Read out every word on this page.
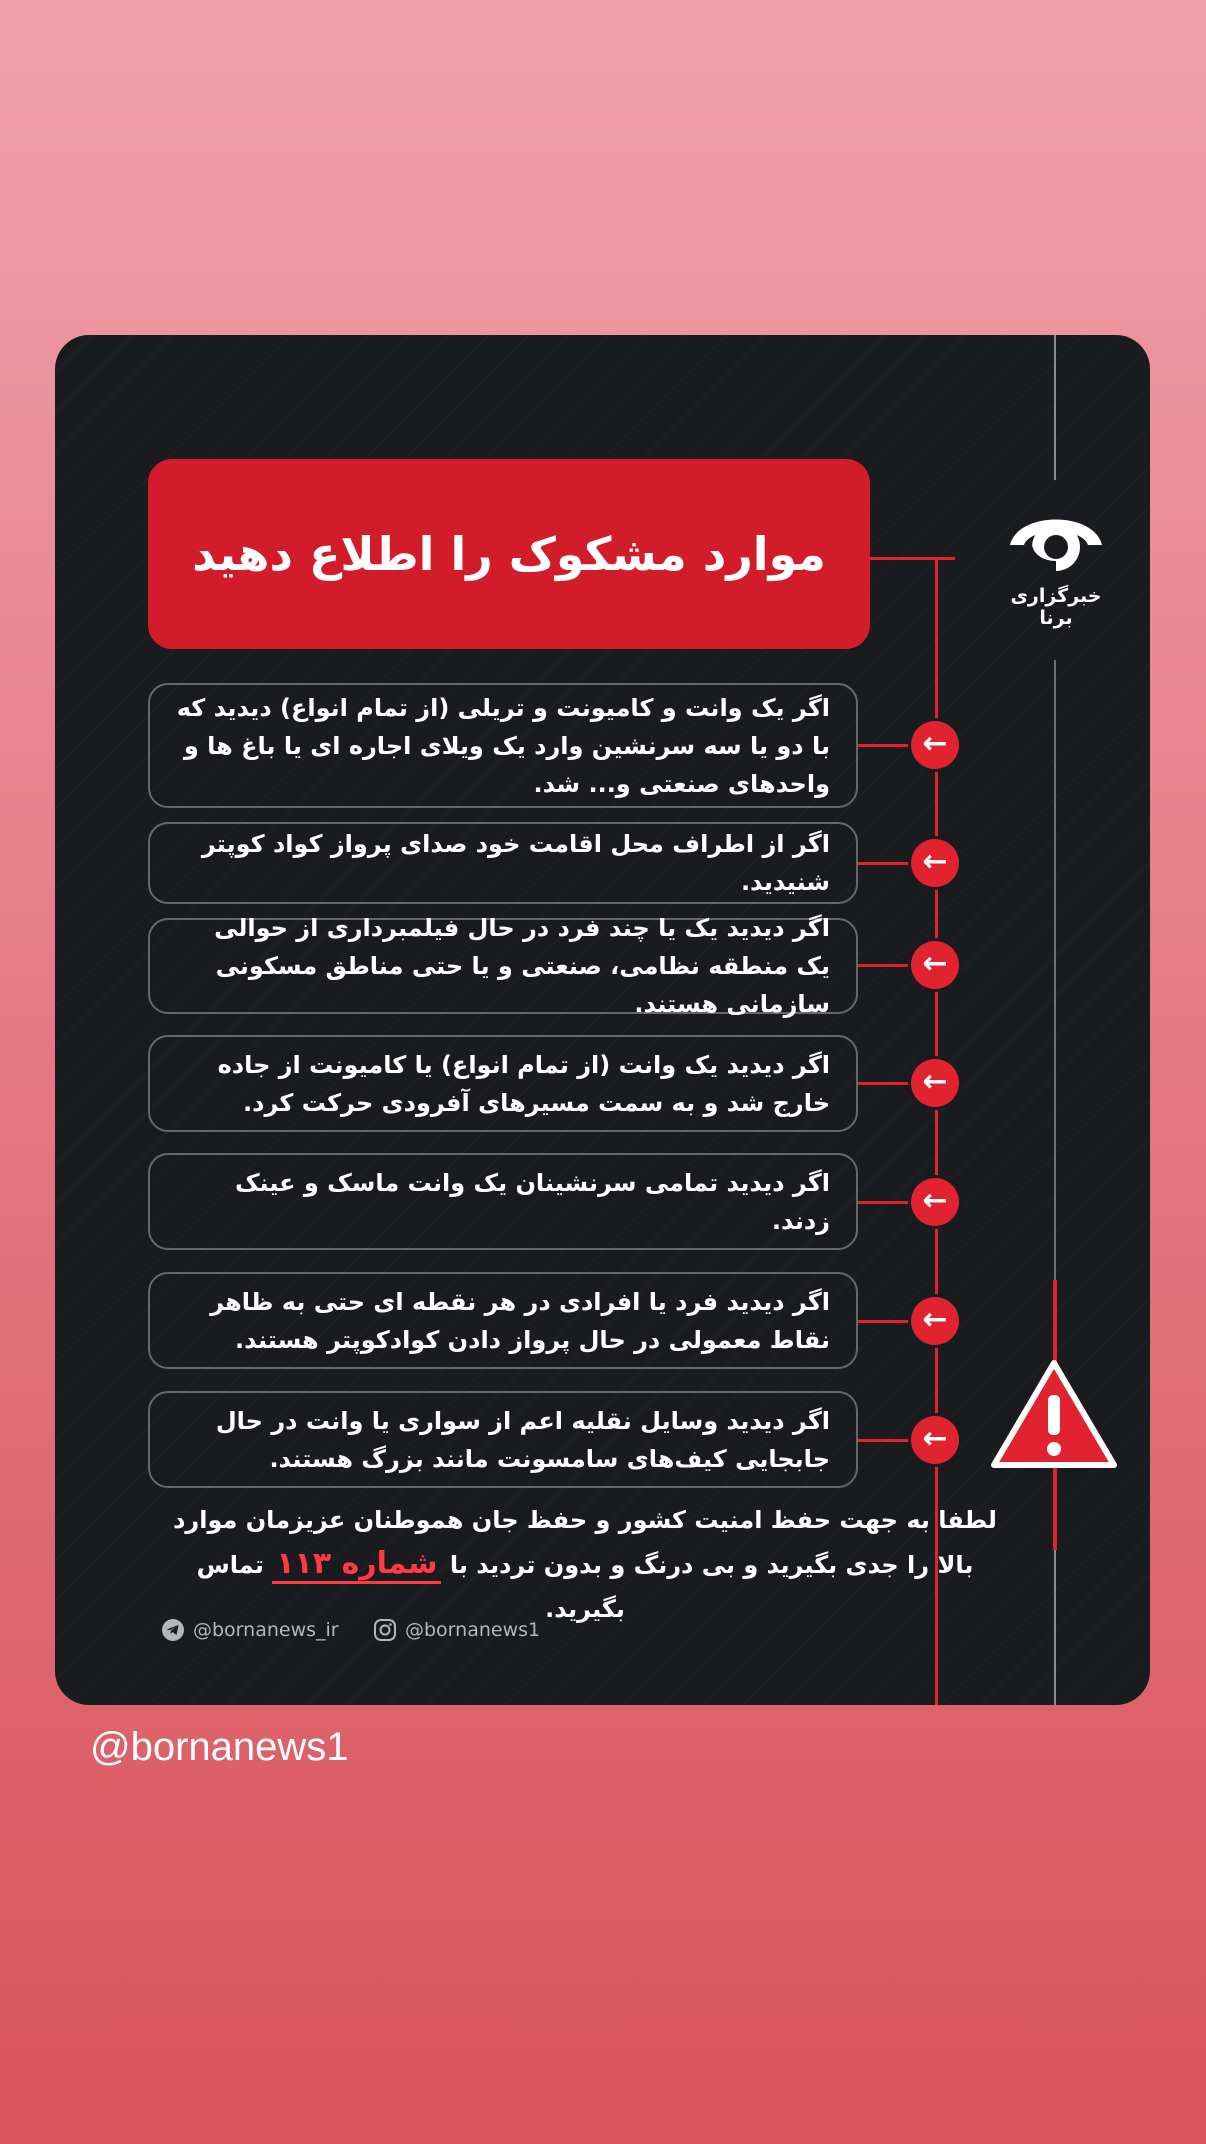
خبرگزاری برنا
موارد مشکوک را اطلاع دهید
اگر یک وانت و کامیونت و تریلی (از تمام انواع) دیدید که با دو یا سه سرنشین وارد یک ویلای اجاره ای یا باغ ها و واحدهای صنعتی و... شد.
←
اگر از اطراف محل اقامت خود صدای پرواز کواد کوپتر شنیدید.
←
اگر دیدید یک یا چند فرد در حال فیلمبرداری از حوالی یک منطقه نظامی، صنعتی و یا حتی مناطق مسکونی سازمانی هستند.
←
اگر دیدید یک وانت (از تمام انواع) یا کامیونت از جاده خارج شد و به سمت مسیرهای آفرودی حرکت کرد.
←
اگر دیدید تمامی سرنشینان یک وانت ماسک و عینک زدند.
←
اگر دیدید فرد یا افرادی در هر نقطه ای حتی به ظاهر نقاط معمولی در حال پرواز دادن کوادکوپتر هستند.
←
اگر دیدید وسایل نقلیه اعم از سواری یا وانت در حال جابجایی کیف‌های سامسونت مانند بزرگ هستند.
←
لطفا به جهت حفظ امنیت کشور و حفظ جان هموطنان عزیزمان موارد بالا را جدی بگیرید و بی درنگ و بدون تردید با شماره ۱۱۳ تماس بگیرید.
@bornanews_ir	@bornanews1
@bornanews1
